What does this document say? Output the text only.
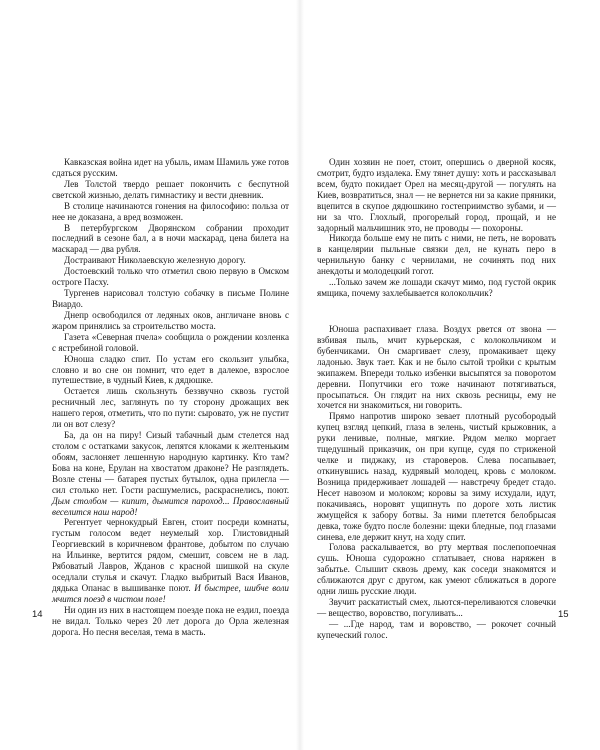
Кавказская война идет на убыль, имам Шамиль уже готов сдаться русским.

Лев Толстой твердо решает покончить с беспутной светской жизнью, делать гимнастику и вести дневник.

В столице начинаются гонения на философию: польза от нее не доказана, а вред возможен.

В петербургском Дворянском собрании проходит последний в сезоне бал, а в ночи маскарад, цена билета на маскарад — два рубля.

Достраивают Николаевскую железную дорогу.

Достоевский только что отметил свою первую в Омском остроге Пасху.

Тургенев нарисовал толстую собачку в письме Полине Виардо.

Днепр освободился от ледяных оков, англичане вновь с жаром принялись за строительство моста.

Газета «Северная пчела» сообщила о рождении козленка с ястребиной головой.

Юноша сладко спит. По устам его скользит улыбка, словно и во сне он помнит, что едет в далекое, взрослое путешествие, в чудный Киев, к дядюшке.

Остается лишь скользнуть беззвучно сквозь густой ресничный лес, заглянуть по ту сторону дрожащих век нашего героя, отметить, что по пути: сыровато, уж не пустит ли он вот слезу?

Ба, да он на пиру! Сизый табачный дым стелется над столом с остатками закусок, лепятся клоками к желтеньким обоям, заслоняет лешенную народную картинку. Кто там? Бова на коне, Ерулан на хвостатом драконе? Не разглядеть. Возле стены — батарея пустых бутылок, одна прилегла — сил столько нет. Гости расшумелись, раскраснелись, поют. Дым столбом — кипит, дымится пароход... Православный веселится наш народ!

Регентует чернокудрый Евген, стоит посреди комнаты, густым голосом ведет неумелый хор. Глистовидный Георгиевский в коричневом франтове, добытом по случаю на Ильинке, вертится рядом, смешит, совсем не в лад. Рябоватый Лавров, Жданов с красной шишкой на скуле оседлали стулья и скачут. Гладко выбритый Вася Иванов, дядька Опанас в вышиванке поют. И быстрее, шибче воли мчится поезд в чистом поле!

Ни один из них в настоящем поезде пока не ездил, поезда не видал. Только через 20 лет дорога до Орла железная дорога. Но песня веселая, тема в масть.

14

Один хозяин не поет, стоит, опершись о дверной косяк, смотрит, будто издалека. Ему тянет душу: хоть и рассказывал всем, будто покидает Орел на месяц-другой — погулять на Киев, возвратиться, знал — не вернется ни за какие пряники, вцепится в скупое дядюшкино гостеприимство зубами, и — ни за что. Глохлый, прогорелый город, прощай, и не задорный мальчишник это, не проводы — похороны.

Никогда больше ему не пить с ними, не петь, не воровать в канцелярии пыльные связки дел, не кунать перо в чернильную банку с чернилами, не сочинять под них анекдоты и молодецкий гогот.

...Только зачем же лошади скачут мимо, под густой окрик ямщика, почему захлебывается колокольчик?

Юноша распахивает глаза. Воздух рвется от звона — взбивая пыль, мчит курьерская, с колокольчиком и бубенчиками. Он смаргивает слезу, промакивает щеку ладонью. Звук тает. Как и не было сытой тройки с крытым экипажем. Впереди только избенки высыпятся за поворотом деревни. Попутчики его тоже начинают потягиваться, просыпаться. Он глядит на них сквозь ресницы, ему не хочется ни знакомиться, ни говорить.

Прямо напротив широко зевает плотный русобородый купец взгляд цепкий, глаза в зелень, чистый крыжовник, а руки ленивые, полные, мягкие. Рядом мелко моргает тщедушный приказчик, он при купце, судя по стриженой челке и пиджаку, из староверов. Слева посапывает, откинувшись назад, кудрявый молодец, кровь с молоком. Возница придерживает лошадей — навстречу бредет стадо. Несет навозом и молоком; коровы за зиму исхудали, идут, покачиваясь, норовят ущипнуть по дороге хоть листик жмущейся к забору ботвы. За ними плетется белобрысая девка, тоже будто после болезни: щеки бледные, под глазами синева, еле держит кнут, на ходу спит.

Голова раскалывается, во рту мертвая послепопоечная сушь. Юноша судорожно сглатывает, снова наряжен в забытье. Слышит сквозь дрему, как соседи знакомятся и сближаются друг с другом, как умеют сближаться в дороге одни лишь русские люди.

Звучит раскатистый смех, льются-переливаются словечки — вещество, воровство, погуливать...

— ...Где народ, там и воровство, — рокочет сочный купеческий голос.

15
